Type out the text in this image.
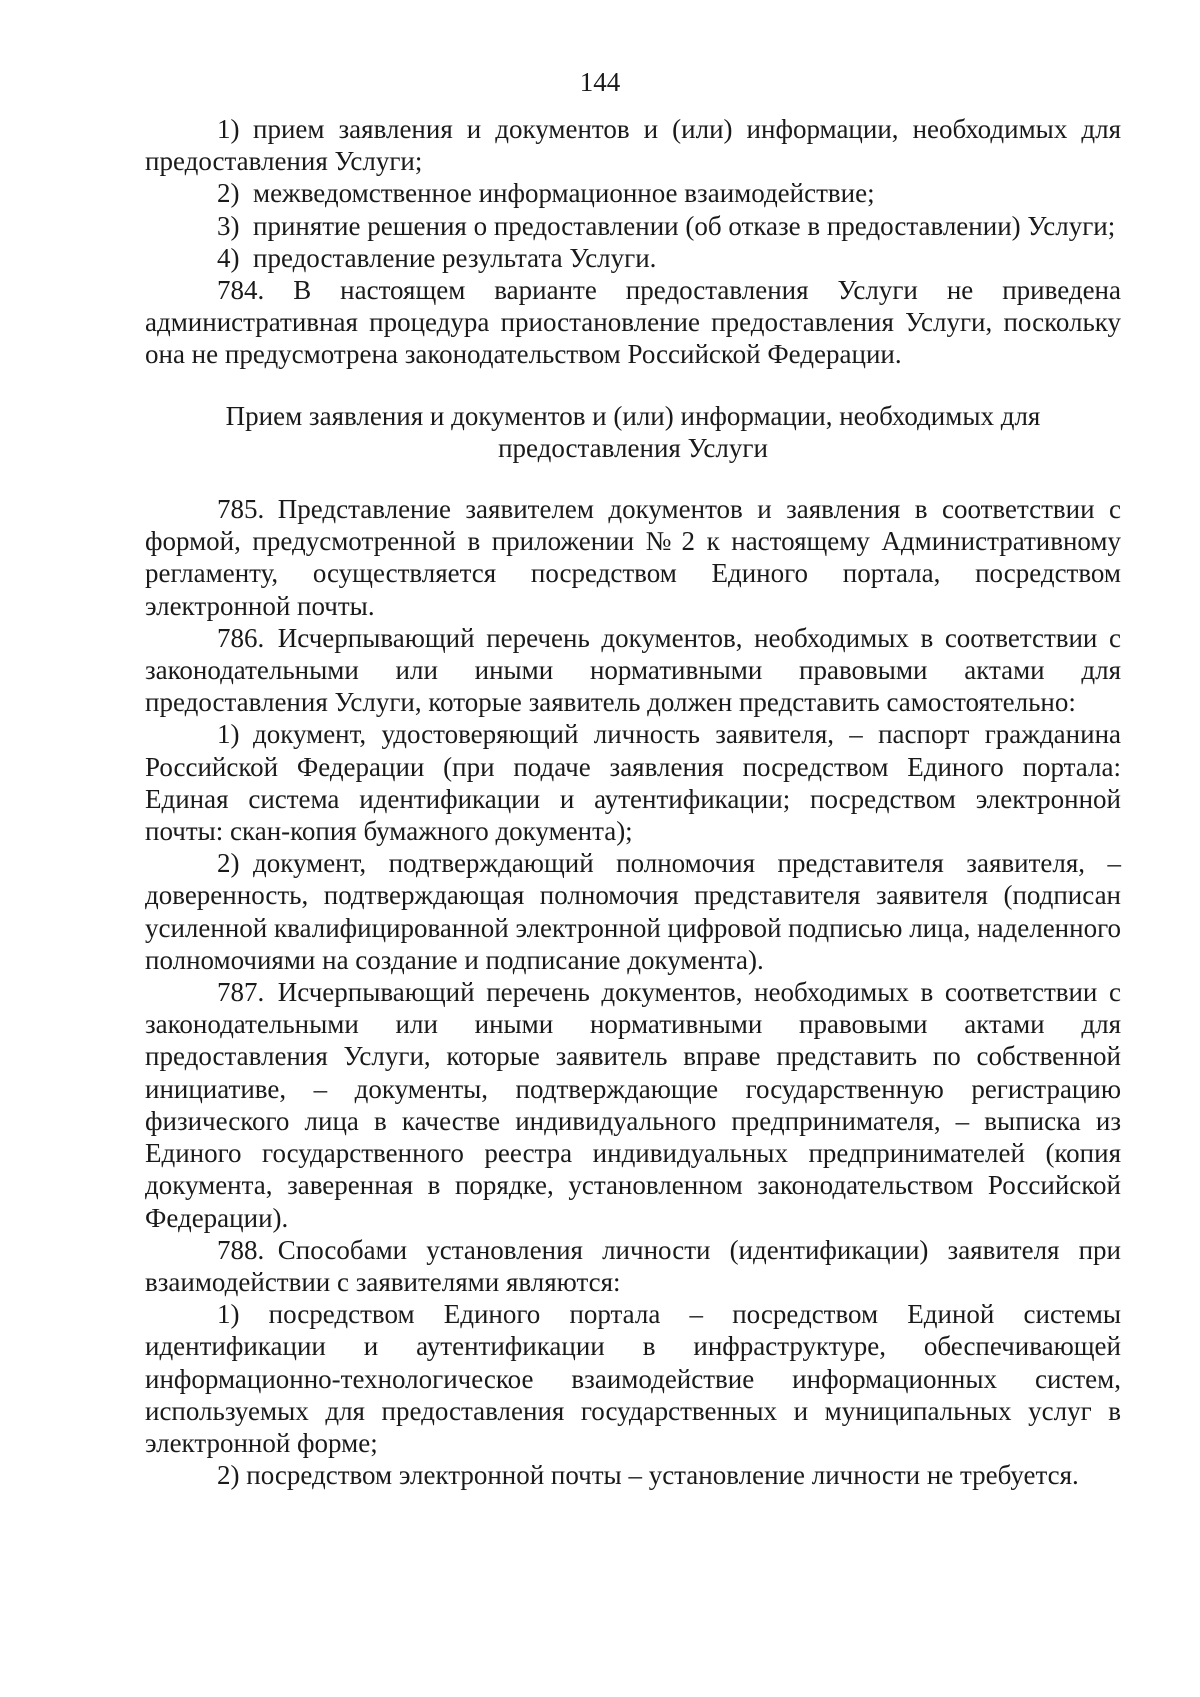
144

1) прием заявления и документов и (или) информации, необходимых для предоставления Услуги;

2) межведомственное информационное взаимодействие;

3) принятие решения о предоставлении (об отказе в предоставлении) Услуги;

4) предоставление результата Услуги.

784. В настоящем варианте предоставления Услуги не приведена административная процедура приостановление предоставления Услуги, поскольку она не предусмотрена законодательством Российской Федерации.

Прием заявления и документов и (или) информации, необходимых для
предоставления Услуги

785. Представление заявителем документов и заявления в соответствии с формой, предусмотренной в приложении № 2 к настоящему Административному регламенту, осуществляется посредством Единого портала, посредством электронной почты.

786. Исчерпывающий перечень документов, необходимых в соответствии с законодательными или иными нормативными правовыми актами для предоставления Услуги, которые заявитель должен представить самостоятельно:

1) документ, удостоверяющий личность заявителя, – паспорт гражданина Российской Федерации (при подаче заявления посредством Единого портала: Единая система идентификации и аутентификации; посредством электронной почты: скан-копия бумажного документа);

2) документ, подтверждающий полномочия представителя заявителя, – доверенность, подтверждающая полномочия представителя заявителя (подписан усиленной квалифицированной электронной цифровой подписью лица, наделенного полномочиями на создание и подписание документа).

787. Исчерпывающий перечень документов, необходимых в соответствии с законодательными или иными нормативными правовыми актами для предоставления Услуги, которые заявитель вправе представить по собственной инициативе, – документы, подтверждающие государственную регистрацию физического лица в качестве индивидуального предпринимателя, – выписка из Единого государственного реестра индивидуальных предпринимателей (копия документа, заверенная в порядке, установленном законодательством Российской Федерации).

788. Способами установления личности (идентификации) заявителя при взаимодействии с заявителями являются:

1) посредством Единого портала – посредством Единой системы идентификации и аутентификации в инфраструктуре, обеспечивающей информационно-технологическое взаимодействие информационных систем, используемых для предоставления государственных и муниципальных услуг в электронной форме;

2) посредством электронной почты – установление личности не требуется.
